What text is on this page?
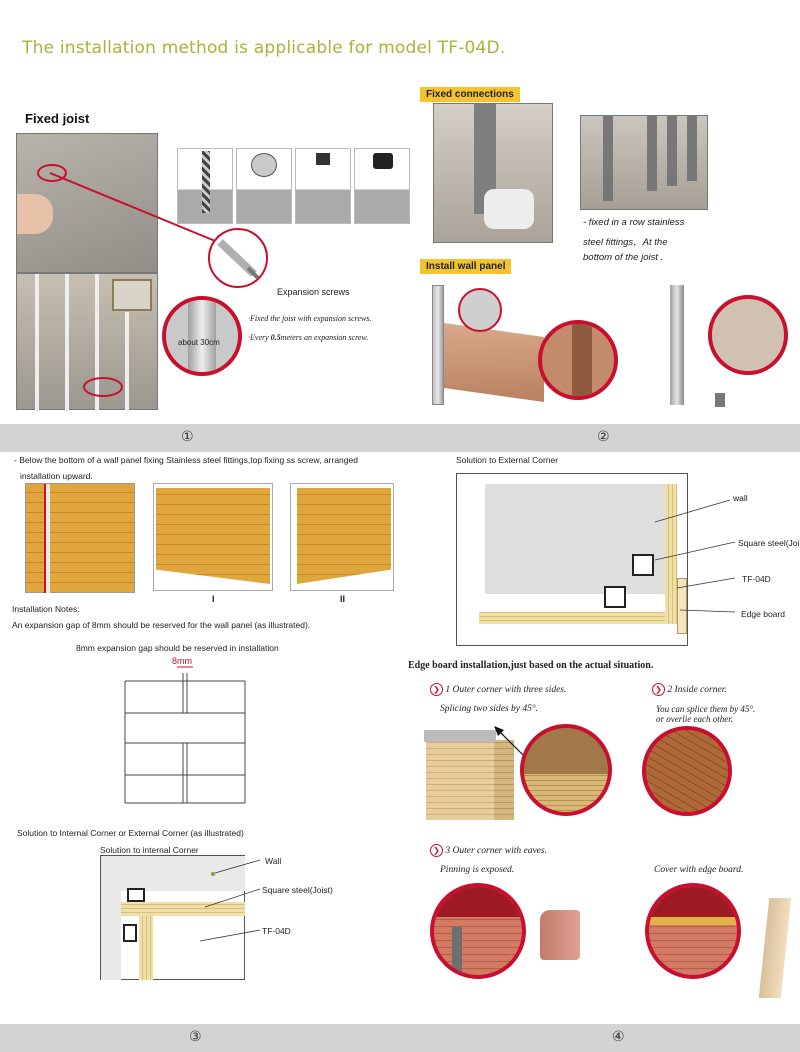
The installation method is applicable for model TF-04D.
Fixed joist
Expansion screws
about 30cm
·Fixed the joist with expansion screws.
·Every 0.5meters an expansion screw.
Fixed connections
- fixed in a row stainless
steel fittings，At the
bottom of the joist .
Install wall panel
①	②
- Below the bottom of a wall panel fixing Stainless steel fittings,top fixing ss screw, arranged
installation upward.
I	II
Installation Notes:
An expansion gap of 8mm should be reserved for the wall panel (as illustrated).
8mm expansion gap should be reserved in installation
8mm
Solution to Internal Corner or External Corner (as illustrated)
Solution to internal Corner
Wall
Square steel(Joist)
TF-04D
Solution to External Corner
wall
Square steel(Joi
TF-04D
Edge board
Edge board installation,just based on the actual situation.
❯ 1 Outer corner with three sides.
Splicing two sides by 45°.
❯ 2 Inside corner.
You can splice them by 45°.
or overlie each other.
❯ 3 Outer corner with eaves.
Pinning is exposed.	Cover with edge board.
③	④
